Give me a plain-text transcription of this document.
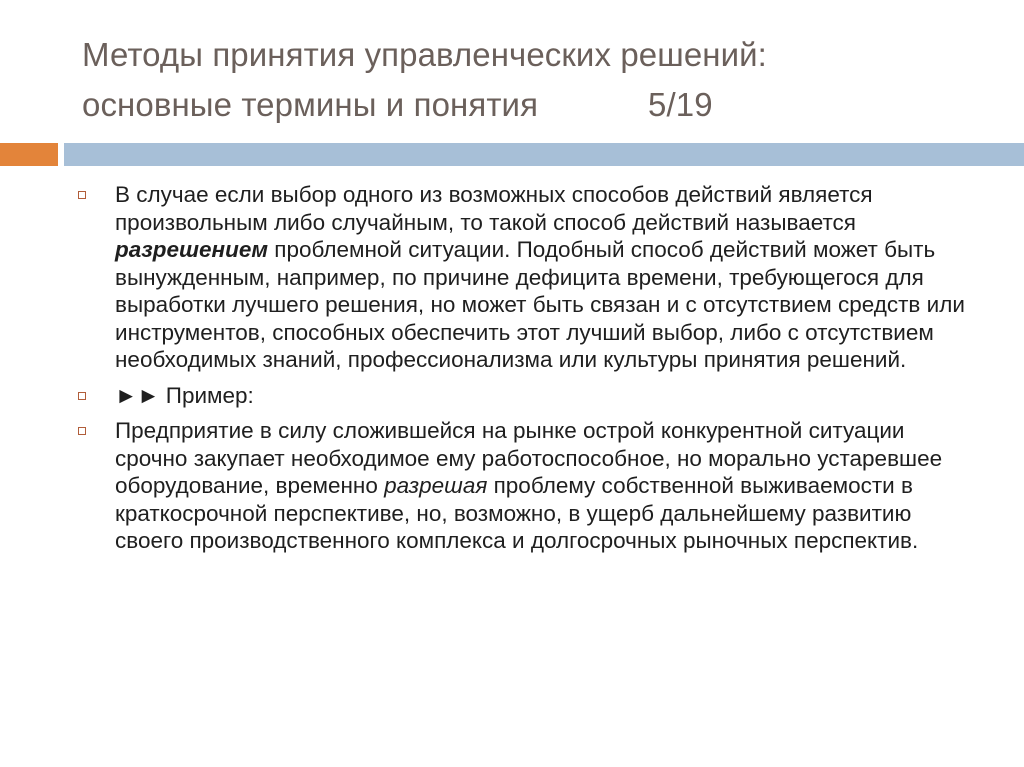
Методы принятия управленческих решений:
основные термины и понятия	5/19
В случае если выбор одного из возможных способов действий является произвольным либо случайным, то такой способ действий называется разрешением проблемной ситуации. Подобный способ действий может быть вынужденным, например, по причине дефицита времени, требующегося для выработки лучшего решения, но может быть связан и с отсутствием средств или инструментов, способных обеспечить этот лучший выбор, либо с отсутствием необходимых знаний, профессионализма или культуры принятия решений.
►► Пример:
Предприятие в силу сложившейся на рынке острой конкурентной ситуации срочно закупает необходимое ему работоспособное, но морально устаревшее оборудование, временно разрешая проблему собственной выживаемости в краткосрочной перспективе, но, возможно, в ущерб дальнейшему развитию своего производственного комплекса и долгосрочных рыночных перспектив.
